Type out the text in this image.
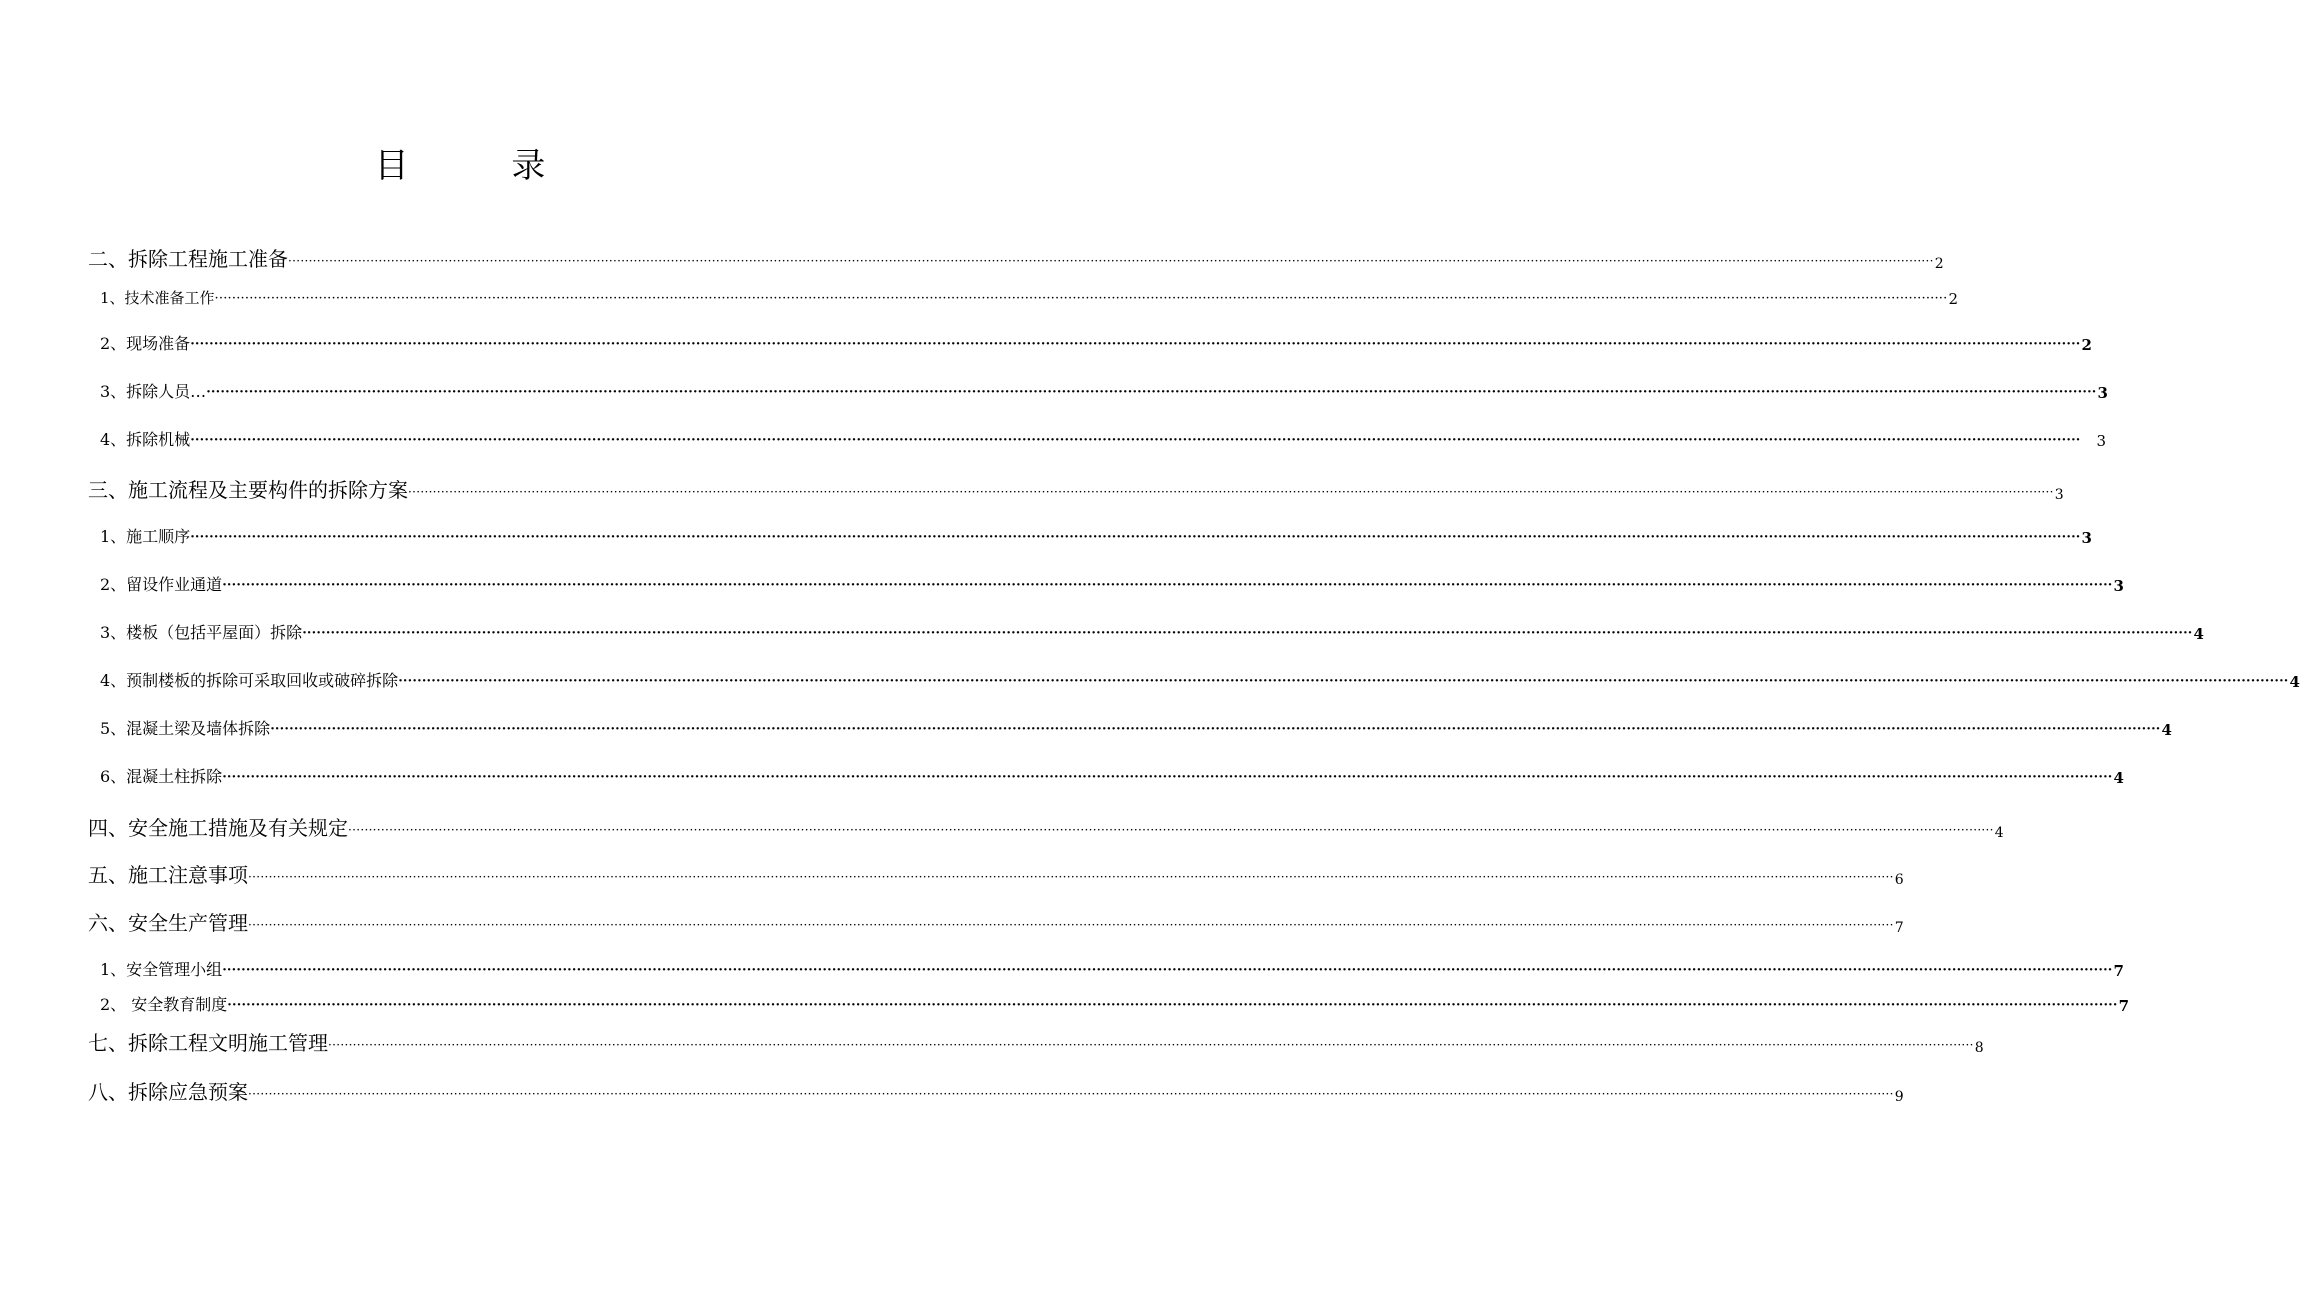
目 录
二、拆除工程施工准备 ················································································································································································································································································································································································································ 2
1、技术准备工作 ················································································································································································································································································································································································································ 2
2、现场准备 ················································································································································································································································································································································································································ 2
3、拆除人员… ················································································································································································································································································································································································································ 3
4、拆除机械 ················································································································································································································································································································································································································	3
三、施工流程及主要构件的拆除方案 ················································································································································································································································································································································································································ 3
1、施工顺序 ················································································································································································································································································································································································································ 3
2、留设作业通道 ················································································································································································································································································································································································································ 3
3、楼板（包括平屋面）拆除 ················································································································································································································································································································································································································ 4
4、预制楼板的拆除可采取回收或破碎拆除 ················································································································································································································································································································································································································ 4
5、混凝土梁及墙体拆除 ················································································································································································································································································································································································································ 4
6、混凝土柱拆除 ················································································································································································································································································································································································································ 4
四、安全施工措施及有关规定 ················································································································································································································································································································································································································ 4
五、施工注意事项 ················································································································································································································································································································································································································ 6
六、安全生产管理 ················································································································································································································································································································································································································ 7
1、安全管理小组 ················································································································································································································································································································································································································ 7
2、 安全教育制度 ················································································································································································································································································································································································································ 7
七、拆除工程文明施工管理 ················································································································································································································································································································································································································ 8
八、拆除应急预案 ················································································································································································································································································································································································································ 9
